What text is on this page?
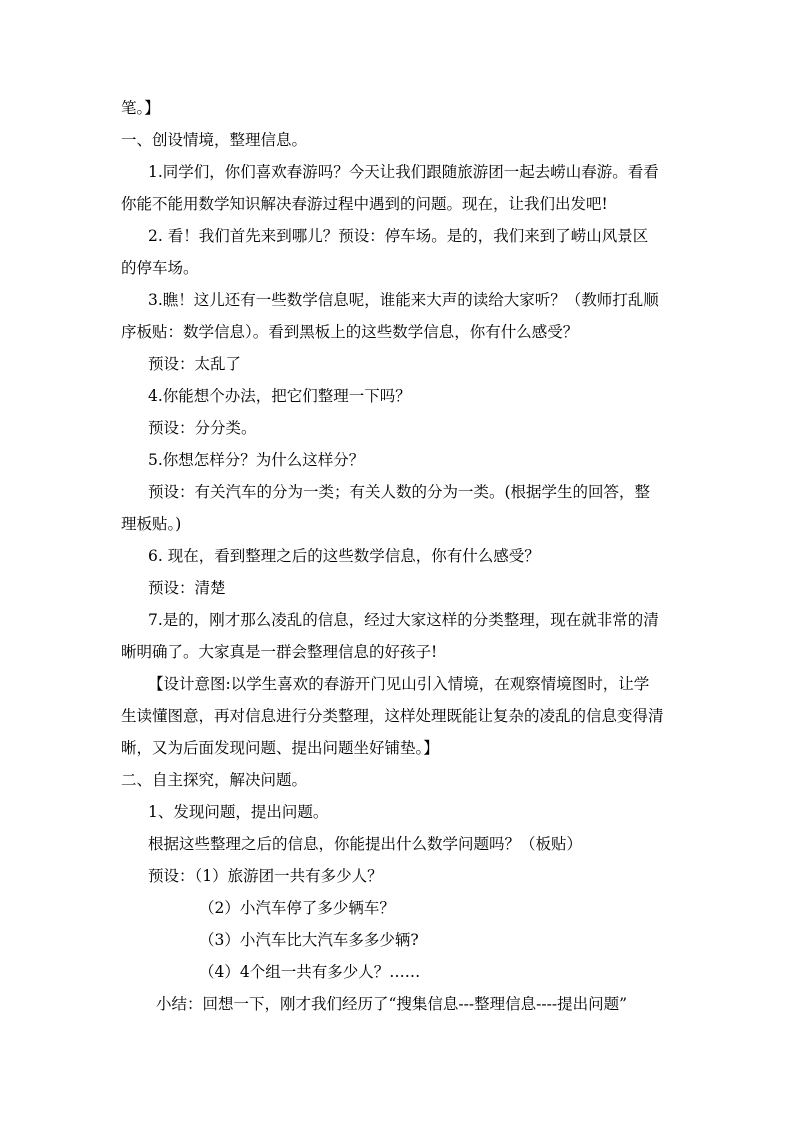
笔。】
一、创设情境，整理信息。
1.同学们，你们喜欢春游吗？今天让我们跟随旅游团一起去崂山春游。看看
你能不能用数学知识解决春游过程中遇到的问题。现在，让我们出发吧!
2. 看！我们首先来到哪儿？预设：停车场。是的，我们来到了崂山风景区
的停车场。
3.瞧！这儿还有一些数学信息呢，谁能来大声的读给大家听？（教师打乱顺
序板贴：数学信息）。看到黑板上的这些数学信息，你有什么感受？
预设：太乱了
4.你能想个办法，把它们整理一下吗？
预设：分分类。
5.你想怎样分？为什么这样分？
预设：有关汽车的分为一类；有关人数的分为一类。(根据学生的回答，整
理板贴。)
6. 现在，看到整理之后的这些数学信息，你有什么感受？
预设：清楚
7.是的，刚才那么凌乱的信息，经过大家这样的分类整理，现在就非常的清
晰明确了。大家真是一群会整理信息的好孩子!
【设计意图:以学生喜欢的春游开门见山引入情境，在观察情境图时，让学
生读懂图意，再对信息进行分类整理，这样处理既能让复杂的凌乱的信息变得清
晰，又为后面发现问题、提出问题坐好铺垫。】
二、自主探究，解决问题。
1、发现问题，提出问题。
根据这些整理之后的信息，你能提出什么数学问题吗？（板贴）
预设：（1）旅游团一共有多少人？
（2）小汽车停了多少辆车？
（3）小汽车比大汽车多多少辆?
（4）4个组一共有多少人？……
小结：回想一下，刚才我们经历了“搜集信息---整理信息----提出问题”
